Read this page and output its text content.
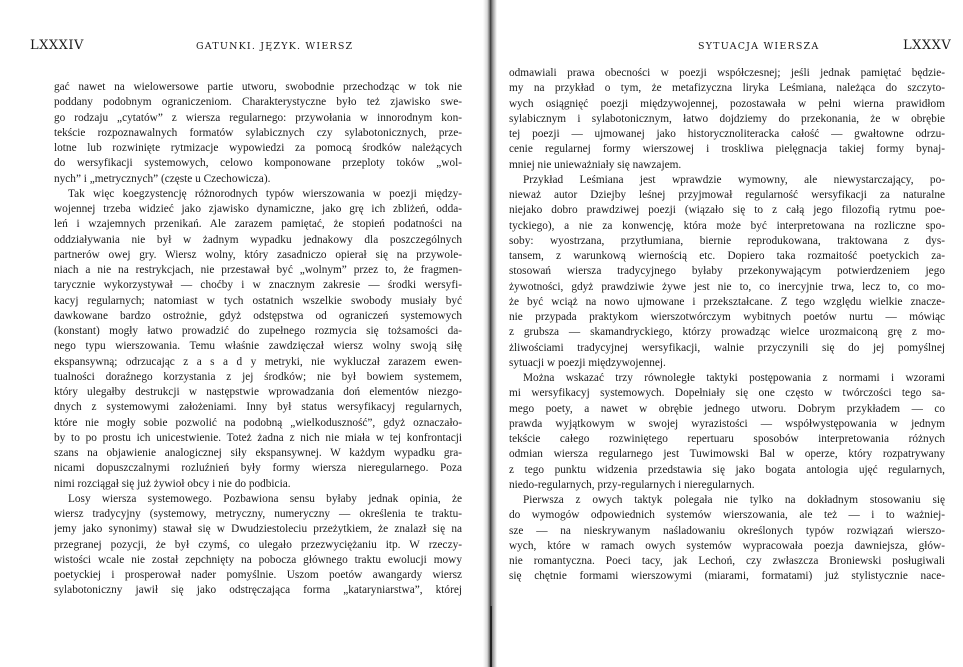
LXXXIV	GATUNKI. JĘZYK. WIERSZ
gać nawet na wielowersowe partie utworu, swobodnie przechodząc w tok nie
poddany podobnym ograniczeniom. Charakterystyczne było też zjawisko swe-
go rodzaju „cytatów” z wiersza regularnego: przywołania w innorodnym kon-
tekście rozpoznawalnych formatów sylabicznych czy sylabotonicznych, prze-
lotne lub rozwinięte rytmizacje wypowiedzi za pomocą środków należących
do wersyfikacji systemowych, celowo komponowane przeploty toków „wol-
nych” i „metrycznych” (częste u Czechowicza).
Tak więc koegzystencję różnorodnych typów wierszowania w poezji między-
wojennej trzeba widzieć jako zjawisko dynamiczne, jako grę ich zbliżeń, odda-
leń i wzajemnych przenikań. Ale zarazem pamiętać, że stopień podatności na
oddziaływania nie był w żadnym wypadku jednakowy dla poszczególnych
partnerów owej gry. Wiersz wolny, który zasadniczo opierał się na przywole-
niach a nie na restrykcjach, nie przestawał być „wolnym” przez to, że fragmen-
tarycznie wykorzystywał — choćby i w znacznym zakresie — środki wersyfi-
kacyj regularnych; natomiast w tych ostatnich wszelkie swobody musiały być
dawkowane bardzo ostrożnie, gdyż odstępstwa od ograniczeń systemowych
(konstant) mogły łatwo prowadzić do zupełnego rozmycia się tożsamości da-
nego typu wierszowania. Temu właśnie zawdzięczał wiersz wolny swoją siłę
ekspansywną; odrzucając z a s a d y metryki, nie wykluczał zarazem ewen-
tualności doraźnego korzystania z jej środków; nie był bowiem systemem,
który ulegałby destrukcji w następstwie wprowadzania doń elementów niezgo-
dnych z systemowymi założeniami. Inny był status wersyfikacyj regularnych,
które nie mogły sobie pozwolić na podobną „wielkoduszność”, gdyż oznaczało-
by to po prostu ich unicestwienie. Toteż żadna z nich nie miała w tej konfrontacji
szans na objawienie analogicznej siły ekspansywnej. W każdym wypadku gra-
nicami dopuszczalnymi rozluźnień były formy wiersza nieregularnego. Poza
nimi rozciągał się już żywioł obcy i nie do podbicia.
Losy wiersza systemowego. Pozbawiona sensu byłaby jednak opinia, że
wiersz tradycyjny (systemowy, metryczny, numeryczny — określenia te traktu-
jemy jako synonimy) stawał się w Dwudziestoleciu przeżytkiem, że znalazł się na
przegranej pozycji, że był czymś, co ulegało przezwyciężaniu itp. W rzeczy-
wistości wcale nie został zepchnięty na pobocza głównego traktu ewolucji mowy
poetyckiej i prosperował nader pomyślnie. Uszom poetów awangardy wiersz
sylabotoniczny jawił się jako odstręczająca forma „kataryniarstwa”, której
SYTUACJA WIERSZA	LXXXV
odmawiali prawa obecności w poezji współczesnej; jeśli jednak pamiętać będzie-
my na przykład o tym, że metafizyczna liryka Leśmiana, należąca do szczyto-
wych osiągnięć poezji międzywojennej, pozostawała w pełni wierna prawidłom
sylabicznym i sylabotonicznym, łatwo dojdziemy do przekonania, że w obrębie
tej poezji — ujmowanej jako historycznoliteracka całość — gwałtowne odrzu-
cenie regularnej formy wierszowej i troskliwa pielęgnacja takiej formy bynaj-
mniej nie unieważniały się nawzajem.
Przykład Leśmiana jest wprawdzie wymowny, ale niewystarczający, po-
nieważ autor Dziejby leśnej przyjmował regularność wersyfikacji za naturalne
niejako dobro prawdziwej poezji (wiązało się to z całą jego filozofią rytmu poe-
tyckiego), a nie za konwencję, która może być interpretowana na rozliczne spo-
soby: wyostrzana, przytłumiana, biernie reprodukowana, traktowana z dys-
tansem, z warunkową wiernością etc. Dopiero taka rozmaitość poetyckich za-
stosowań wiersza tradycyjnego byłaby przekonywającym potwierdzeniem jego
żywotności, gdyż prawdziwie żywe jest nie to, co inercyjnie trwa, lecz to, co mo-
że być wciąż na nowo ujmowane i przekształcane. Z tego względu wielkie znacze-
nie przypada praktykom wierszotwórczym wybitnych poetów nurtu — mówiąc
z grubsza — skamandryckiego, którzy prowadząc wielce urozmaiconą grę z mo-
żliwościami tradycyjnej wersyfikacji, walnie przyczynili się do jej pomyślnej
sytuacji w poezji międzywojennej.
Można wskazać trzy równoległe taktyki postępowania z normami i wzorami
mi wersyfikacyj systemowych. Dopełniały się one często w twórczości tego sa-
mego poety, a nawet w obrębie jednego utworu. Dobrym przykładem — co
prawda wyjątkowym w swojej wyrazistości — współwystępowania w jednym
tekście całego rozwiniętego repertuaru sposobów interpretowania różnych
odmian wiersza regularnego jest Tuwimowski Bal w operze, który rozpatrywany
z tego punktu widzenia przedstawia się jako bogata antologia ujęć regularnych,
niedo-regularnych, przy-regularnych i nieregularnych.
Pierwsza z owych taktyk polegała nie tylko na dokładnym stosowaniu się
do wymogów odpowiednich systemów wierszowania, ale też — i to ważniej-
sze — na nieskrywanym naśladowaniu określonych typów rozwiązań wierszo-
wych, które w ramach owych systemów wypracowała poezja dawniejsza, głów-
nie romantyczna. Poeci tacy, jak Lechoń, czy zwłaszcza Broniewski posługiwali
się chętnie formami wierszowymi (miarami, formatami) już stylistycznie nace-
